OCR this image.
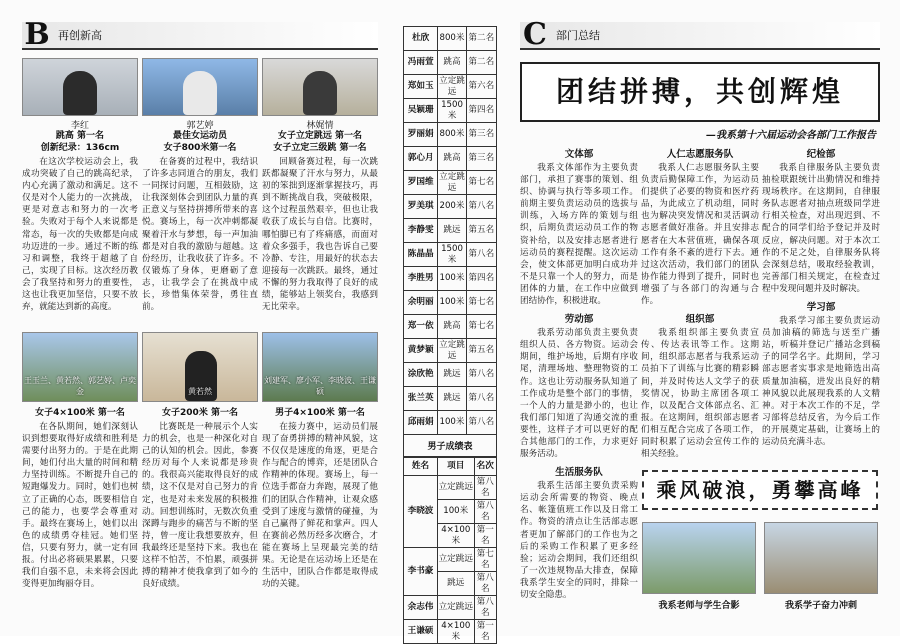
B 再创新高
李红
跳高 第一名
创新纪录：136cm

在这次学校运动会上，我成功突破了自己的跳高纪录，内心充满了激动和满足。这不仅是对个人能力的一次挑战，更是对意志和努力的一次考验。失败对于每个人来说都是常态，每一次的失败都是向成功迈进的一步。通过不断的练习和调整，我终于超越了自己，实现了目标。这次经历教会了我坚持和努力的重要性，这也让我更加坚信，只要不放弃，就能达到新的高度。

郭艺婷
最佳女运动员
女子800米第一名

在备赛的过程中，我结识了许多志同道合的朋友，我们一同探讨问题，互相鼓励，这让我深刻体会到团队力量的真正意义与坚持拼搏所带来的喜悦。赛场上，每一次冲刺都凝聚着汗水与梦想，每一声加油都是对自我的激励与超越。这份经历，让我收获了许多。不仅锻炼了身体，更磨砺了意志，让我学会了在挑战中成长，珍惜集体荣誉，勇往直前。

林娓情
女子立定跳远 第一名
女子立定三级跳 第一名

回顾备赛过程，每一次跳跃都凝聚了汗水与努力，从最初的笨拙到逐渐掌握技巧，再到不断挑战自我，突破极限，这个过程虽然艰辛，但也让我收获了成长与自信。比赛时，哪怕脚已有了疼痛感，而面对着众多强手，我也告诉自己要冷静、专注，用最好的状态去迎接每一次跳跃。最终，通过不懈的努力我取得了良好的成绩，能够站上领奖台，我感到无比荣幸。

王玉兰、黄若然、郭艺婷、卢奕金
女子4×100米 第一名

在各队期间，她们深刻认识到想要取得好成绩和胜利是需要付出努力的。于是在此期间，她们付出大量的时间和精力坚持训练。不断提升自己的短跑爆发力。同时，她们也树立了正确的心态，既要相信自己的能力，也要学会尊重对手。最终在赛场上，她们以出色的成绩勇夺桂冠。她们坚信，只要有努力，就一定有回报。付出必将硕果累累，只要我们自强不息，未来将会因此变得更加绚丽夺目。

黄若然
女子200米 第一名

比赛既是一种展示个人实力的机会，也是一种深化对自己的认知的机会。因此，参赛经历对每个人来说都是珍贵的。我很高兴能取得良好的成绩，这不仅是对自己努力的肯定，也是对未来发展的积极推动。回想训练时，无数次负重深蹲与跑步的痛苦与不断的坚持，曾一度让我想要放弃，但我最终还是坚持下来。我也在这样不怕苦，不怕累，顽强拼搏的精神才使我拿到了如今的良好成绩。

刘建军、廖小军、李晓波、王谦硕
男子4×100米 第一名

在接力赛中，运动员们展现了奋勇拼搏的精神风貌，这不仅仅是速度的角逐，更是合作与配合的博弈，还是团队合作精神的体现。赛场上，每一位选手都奋力奔跑，展现了他们的团队合作精神，让观众感受到了速度与激情的碰撞，为自己赢得了鲜花和掌声。四人在赛前必然历经多次磨合，才能在赛场上呈现最完美的结果。无论是在运动场上还是在生活中，团队合作都是取得成功的关键。

杜欣	800米	第二名
冯雨萱	跳高	第二名
郑如玉	立定跳远	第六名
吴颖珊	1500米	第四名
罗丽娟	800米	第三名
郭心月	跳高	第三名
罗国维	立定跳远	第七名
罗美琪	200米	第八名
李静雯	跳远	第五名
陈晶晶	1500米	第八名
李胜男	100米	第四名
余明丽	100米	第七名
郑一依	跳高	第七名
黄梦颖	立定跳远	第五名
涂欣艳	跳远	第八名
张兰英	跳远	第八名
邱雨娟	100米	第八名
男子成绩表
姓名	项目	名次
李晓波	立定跳远	第八名
	100米	第八名
	4×100米	第一名
李书豪	立定跳远	第七名
	跳远	第八名
余志伟	立定跳远	第八名
王谦硕	4×100米	第一名
C 部门总结
团结拼搏，共创辉煌
—我系第十六届运动会各部门工作报告
文体部

我系文体部作为主要负责部门，承担了赛事的策划、组织、协调与执行等多项工作。前期主要负责运动员的选拔与训练，入场方阵的策划与组织，后期负责运动员工作的物资补给，以及安排志愿者进行运动员的赛程提醒。这次运动会，使文体部更加明白成功并不是只靠一个人的努力，而是团体的力量，在工作中应做到团结协作，积极进取。

劳动部

我系劳动部负责主要负责组织人员、各方物资。运动会期间，维护场地，后期有序收尾，清理场地、整理物资的工作。这也让劳动服务队知道了工作成功是整个部门的事情，一个人的力量是渺小的，也让我们部门知道了沟通交流的重要性，这样子才可以更好的配合其他部门的工作，力求更好服务活动。

生活服务队

我系生活部主要负责采购运动会所需要的物资、晚点名、帐篷值班工作以及日常工作。物资的清点让生活部志愿者更加了解部门的工作也为之后的采购工作积累了更多经验；运动会期间，我们还组织了一次违规物品大排查，保障我系学生安全的同时，排除一切安全隐患。

人仁志愿服务队

我系人仁志愿服务队主要负责后勤保障工作，为运动员们提供了必要的物资和医疗药品，为此成立了机动组，同时也为解决突发情况和灵活调动志愿者做好准备。并且安排志愿者在大本营值班，确保各项工作有条不紊的进行下去。通过这次活动，我们部门的团队协作能力得到了提升，同时也增强了与各部门的沟通与合作。

组织部

我系组织部主要负责宣传、传达表讯等工作。这期间，组织部志愿者与我系运动员拍下了训练与比赛的精彩瞬间，并及时传达人文学子的获奖情况，协助主席团各项工作，以及配合文体部点名、汇报。在这期间，组织部志愿者们相互配合完成了各项工作，同时积累了运动会宣传工作的相关经验。

纪检部

我系自律服务队主要负责抽检联跟统计出勤情况和维持现场秩序。在这期间，自律服务队志愿者对抽点班级同学进行相关检查，对出现迟到、不配合的同学们给予登记并及时反应，解决问题。对于本次工作的不足之处，自律服务队将会深刻总结，吸取经验教训，完善部门相关规定，在检查过程中发现问题并及时解决。

学习部

我系学习部主要负责运动员加油稿的筛选与送至广播站，听稿并登记广播站念到稿子的同学名字。此期间，学习部志愿者实事求是地筛选出高质量加油稿，进发出良好的精神风貌以此展现我系的人文精神。对于本次工作的不足，学习部将总结反省，为今后工作的开展奠定基础，让赛场上的运动员充满斗志。

乘风破浪，勇攀高峰
我系老师与学生合影	我系学子奋力冲刺
